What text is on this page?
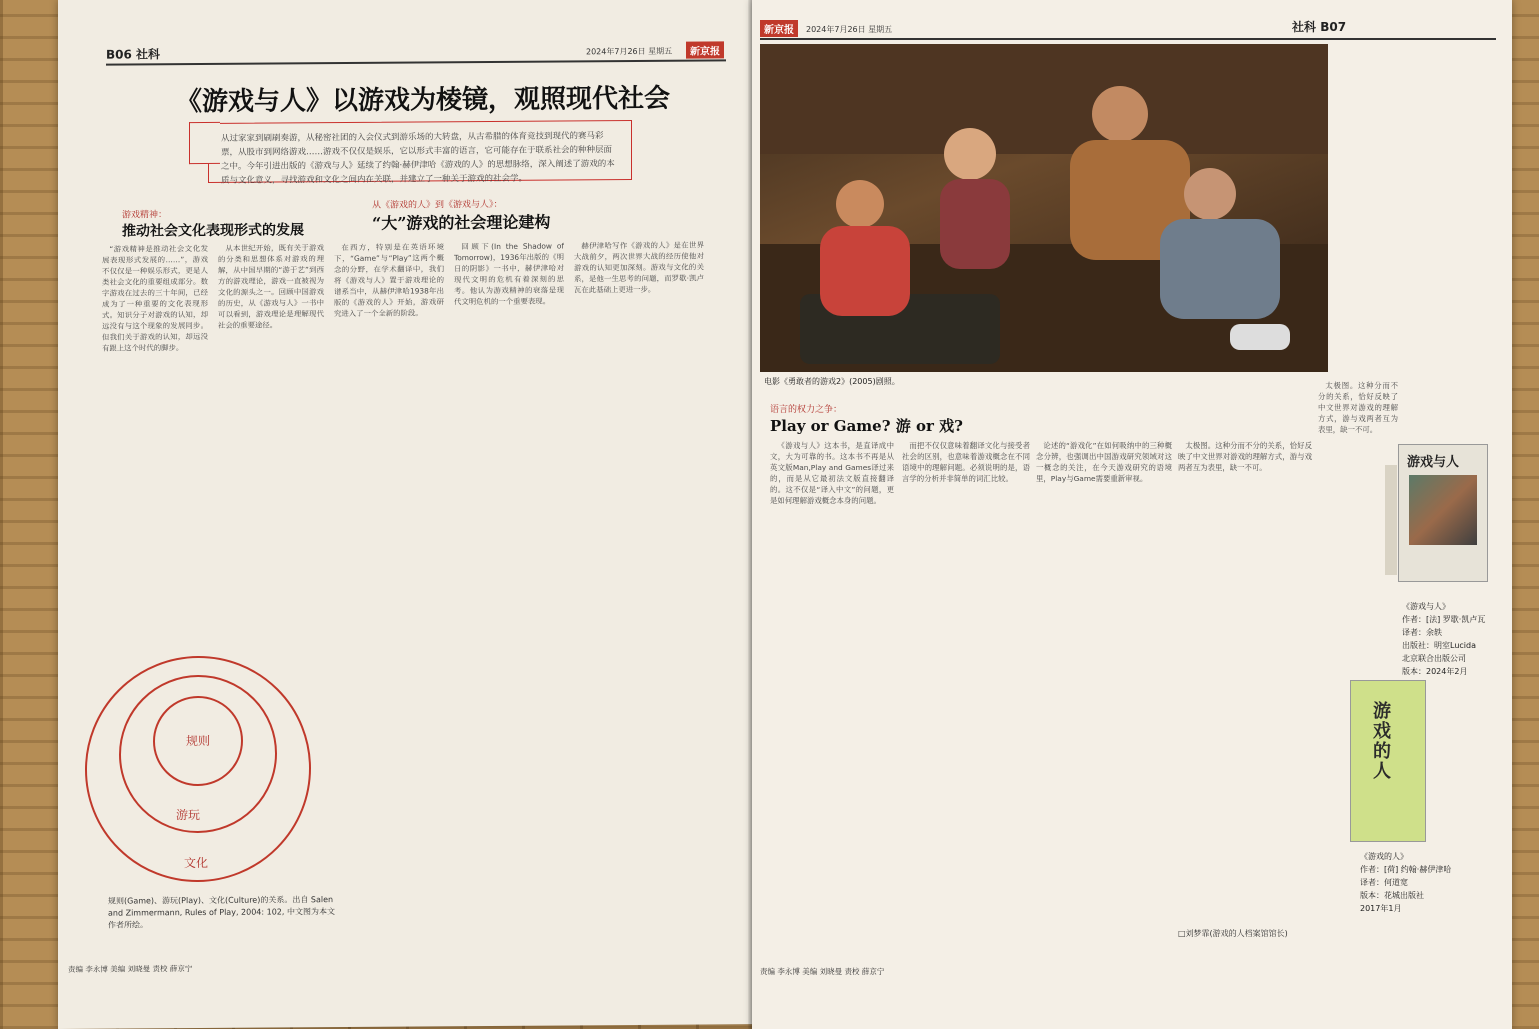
B06 社科	2024年7月26日 星期五	新京报
《游戏与人》以游戏为棱镜，观照现代社会
从过家家到刷刷奏游，从秘密社团的入会仪式到游乐场的大转盘，从古希腊的体育竞技到现代的赛马彩票，从股市到网络游戏……游戏不仅仅是娱乐，它以形式丰富的语言，它可能存在于联系社会的种种层面之中。今年引进出版的《游戏与人》延续了约翰·赫伊津哈《游戏的人》的思想脉络，深入阐述了游戏的本质与文化意义，寻找游戏和文化之间内在关联，并建立了一种关于游戏的社会学。
游戏精神：
推动社会文化表现形式的发展
从《游戏的人》到《游戏与人》：
“大”游戏的社会理论建构

“游戏精神是推动社会文化发展表现形式发展的……”，游戏不仅仅是一种娱乐形式，更是人类社会文化的重要组成部分。数字游戏在过去的三十年间，已经成为了一种重要的文化表现形式。知识分子对游戏的认知，却远没有与这个现象的发展同步。但我们关于游戏的认知，却远没有跟上这个时代的脚步。

从本世纪开始，既有关于游戏的分类和思想体系对游戏的理解，从中国早期的“游于艺”到西方的游戏理论，游戏一直被视为文化的源头之一。回顾中国游戏的历史，从《游戏与人》一书中可以看到，游戏理论是理解现代社会的重要途径。

在西方，特别是在英语环境下，“Game”与“Play”这两个概念的分野，在学术翻译中，我们将《游戏与人》置于游戏理论的谱系当中，从赫伊津哈1938年出版的《游戏的人》开始，游戏研究进入了一个全新的阶段。

回顾下(In the Shadow of Tomorrow)，1936年出版的《明日的阴影》一书中，赫伊津哈对现代文明的危机有着深刻的思考。他认为游戏精神的衰落是现代文明危机的一个重要表现。

赫伊津哈写作《游戏的人》是在世界大战前夕，两次世界大战的经历使他对游戏的认知更加深刻。游戏与文化的关系，是他一生思考的问题，而罗歇·凯卢瓦在此基础上更进一步。

规则
游玩
文化
规则(Game)、游玩(Play)、文化(Culture)的关系。出自 Salen and Zimmermann, Rules of Play, 2004: 102, 中文图为本文作者所绘。
责编 李永博 美编 刘晓曼 责校 薛京宁
新京报	2024年7月26日 星期五	社科 B07
电影《勇敢者的游戏2》(2005)剧照。
语言的权力之争：
Play or Game? 游 or 戏?

《游戏与人》这本书，是直译成中文，大为可靠的书。这本书不再是从英文版Man,Play and Games译过来的，而是从它最初法文版直接翻译的。这不仅是“译入中文”的问题，更是如何理解游戏概念本身的问题。

而把不仅仅意味着翻译文化与接受者社会的区别，也意味着游戏概念在不同语境中的理解问题。必须说明的是，语言学的分析并非简单的词汇比较。

论述的“游戏化”在如何吸纳中的三种概念分辨，也强调出中国游戏研究领域对这一概念的关注，在今天游戏研究的语境里，Play与Game需要重新审视。

太极图。这种分而不分的关系，恰好反映了中文世界对游戏的理解方式，游与戏两者互为表里，缺一不可。

太极图。这种分而不分的关系，恰好反映了中文世界对游戏的理解方式，游与戏两者互为表里，缺一不可。

游戏与人
《游戏与人》
作者：[法] 罗歇·凯卢瓦
译者：余轶
出版社：明室Lucida
北京联合出版公司
版本：2024年2月
游戏的人
《游戏的人》
作者：[荷] 约翰·赫伊津哈
译者：何道宽
版本：花城出版社
2017年1月
□刘梦霏(游戏的人档案馆馆长)
责编 李永博 美编 刘晓曼 责校 薛京宁
